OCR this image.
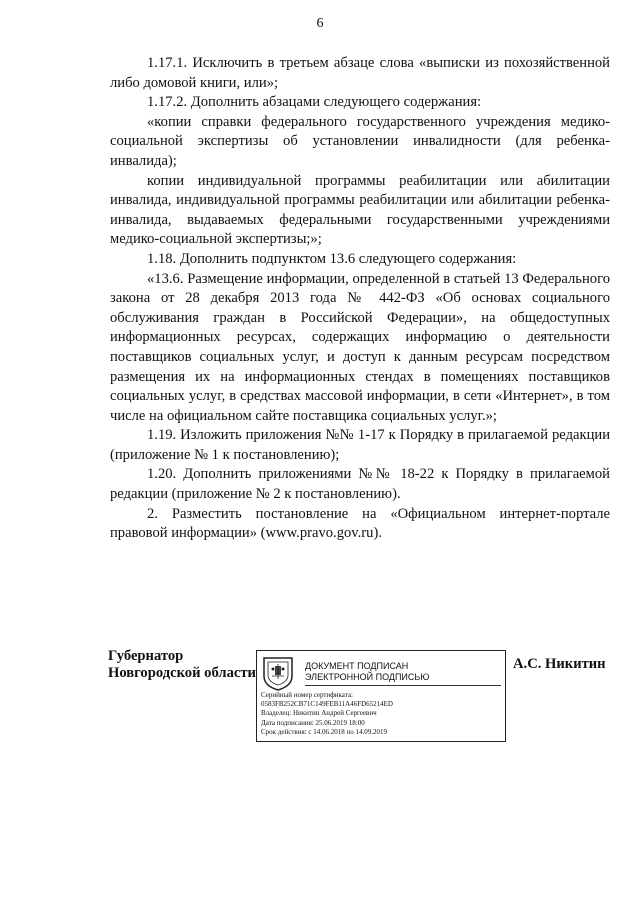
6

1.17.1. Исключить в третьем абзаце слова «выписки из похозяйственной либо домовой книги, или»;

1.17.2. Дополнить абзацами следующего содержания:

«копии справки федерального государственного учреждения медико-социальной экспертизы об установлении инвалидности (для ребенка-инвалида);

копии индивидуальной программы реабилитации или абилитации инвалида, индивидуальной программы реабилитации или абилитации ребенка-инвалида, выдаваемых федеральными государственными учреждениями медико-социальной экспертизы;»;

1.18. Дополнить подпунктом 13.6 следующего содержания:

«13.6. Размещение информации, определенной в статьей 13 Федерального закона от 28 декабря 2013 года № 442-ФЗ «Об основах социального обслуживания граждан в Российской Федерации», на общедоступных информационных ресурсах, содержащих информацию о деятельности поставщиков социальных услуг, и доступ к данным ресурсам посредством размещения их на информационных стендах в помещениях поставщиков социальных услуг, в средствах массовой информации, в сети «Интернет», в том числе на официальном сайте поставщика социальных услуг.»;

1.19. Изложить приложения №№ 1-17 к Порядку в прилагаемой редакции (приложение № 1 к постановлению);

1.20. Дополнить приложениями №№ 18-22 к Порядку в прилагаемой редакции (приложение № 2 к постановлению).

2. Разместить постановление на «Официальном интернет-портале правовой информации» (www.pravo.gov.ru).

Губернатор
Новгородской области	ДОКУМЕНТ ПОДПИСАН
ЭЛЕКТРОННОЙ ПОДПИСЬЮ
Серийный номер сертификата:
0583FB252CB71C149FEB11A46FD65214ED
Владелец: Никитин Андрей Сергеевич
Дата подписания: 25.06.2019 18:00
Срок действия: с 14.06.2018 по 14.09.2019
А.С. Никитин
